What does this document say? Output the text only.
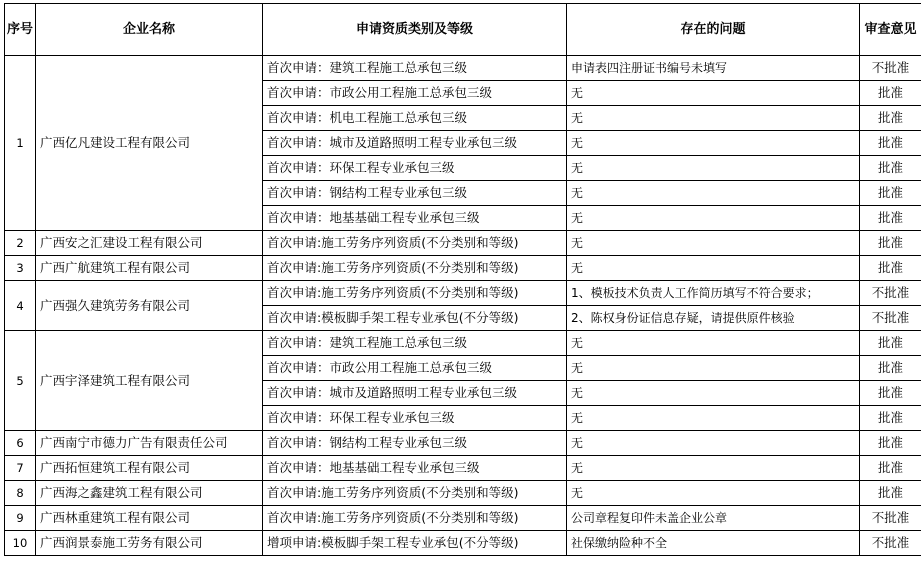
序号	企业名称	申请资质类别及等级	存在的问题	审查意见
1	广西亿凡建设工程有限公司	首次申请：建筑工程施工总承包三级	申请表四注册证书编号未填写	不批准
		首次申请：市政公用工程施工总承包三级	无	批准
		首次申请：机电工程施工总承包三级	无	批准
		首次申请：城市及道路照明工程专业承包三级	无	批准
		首次申请：环保工程专业承包三级	无	批准
		首次申请：钢结构工程专业承包三级	无	批准
		首次申请：地基基础工程专业承包三级	无	批准
2	广西安之汇建设工程有限公司	首次申请:施工劳务序列资质(不分类别和等级)	无	批准
3	广西广航建筑工程有限公司	首次申请:施工劳务序列资质(不分类别和等级)	无	批准
4	广西强久建筑劳务有限公司	首次申请:施工劳务序列资质(不分类别和等级)	1、模板技术负责人工作简历填写不符合要求；	不批准
		首次申请:模板脚手架工程专业承包(不分等级)	2、陈权身份证信息存疑，请提供原件核验	不批准
5	广西宇泽建筑工程有限公司	首次申请：建筑工程施工总承包三级	无	批准
		首次申请：市政公用工程施工总承包三级	无	批准
		首次申请：城市及道路照明工程专业承包三级	无	批准
		首次申请：环保工程专业承包三级	无	批准
6	广西南宁市德力广告有限责任公司	首次申请：钢结构工程专业承包三级	无	批准
7	广西拓恒建筑工程有限公司	首次申请：地基基础工程专业承包三级	无	批准
8	广西海之鑫建筑工程有限公司	首次申请:施工劳务序列资质(不分类别和等级)	无	批准
9	广西林重建筑工程有限公司	首次申请:施工劳务序列资质(不分类别和等级)	公司章程复印件未盖企业公章	不批准
10	广西润景泰施工劳务有限公司	增项申请:模板脚手架工程专业承包(不分等级)	社保缴纳险种不全	不批准
